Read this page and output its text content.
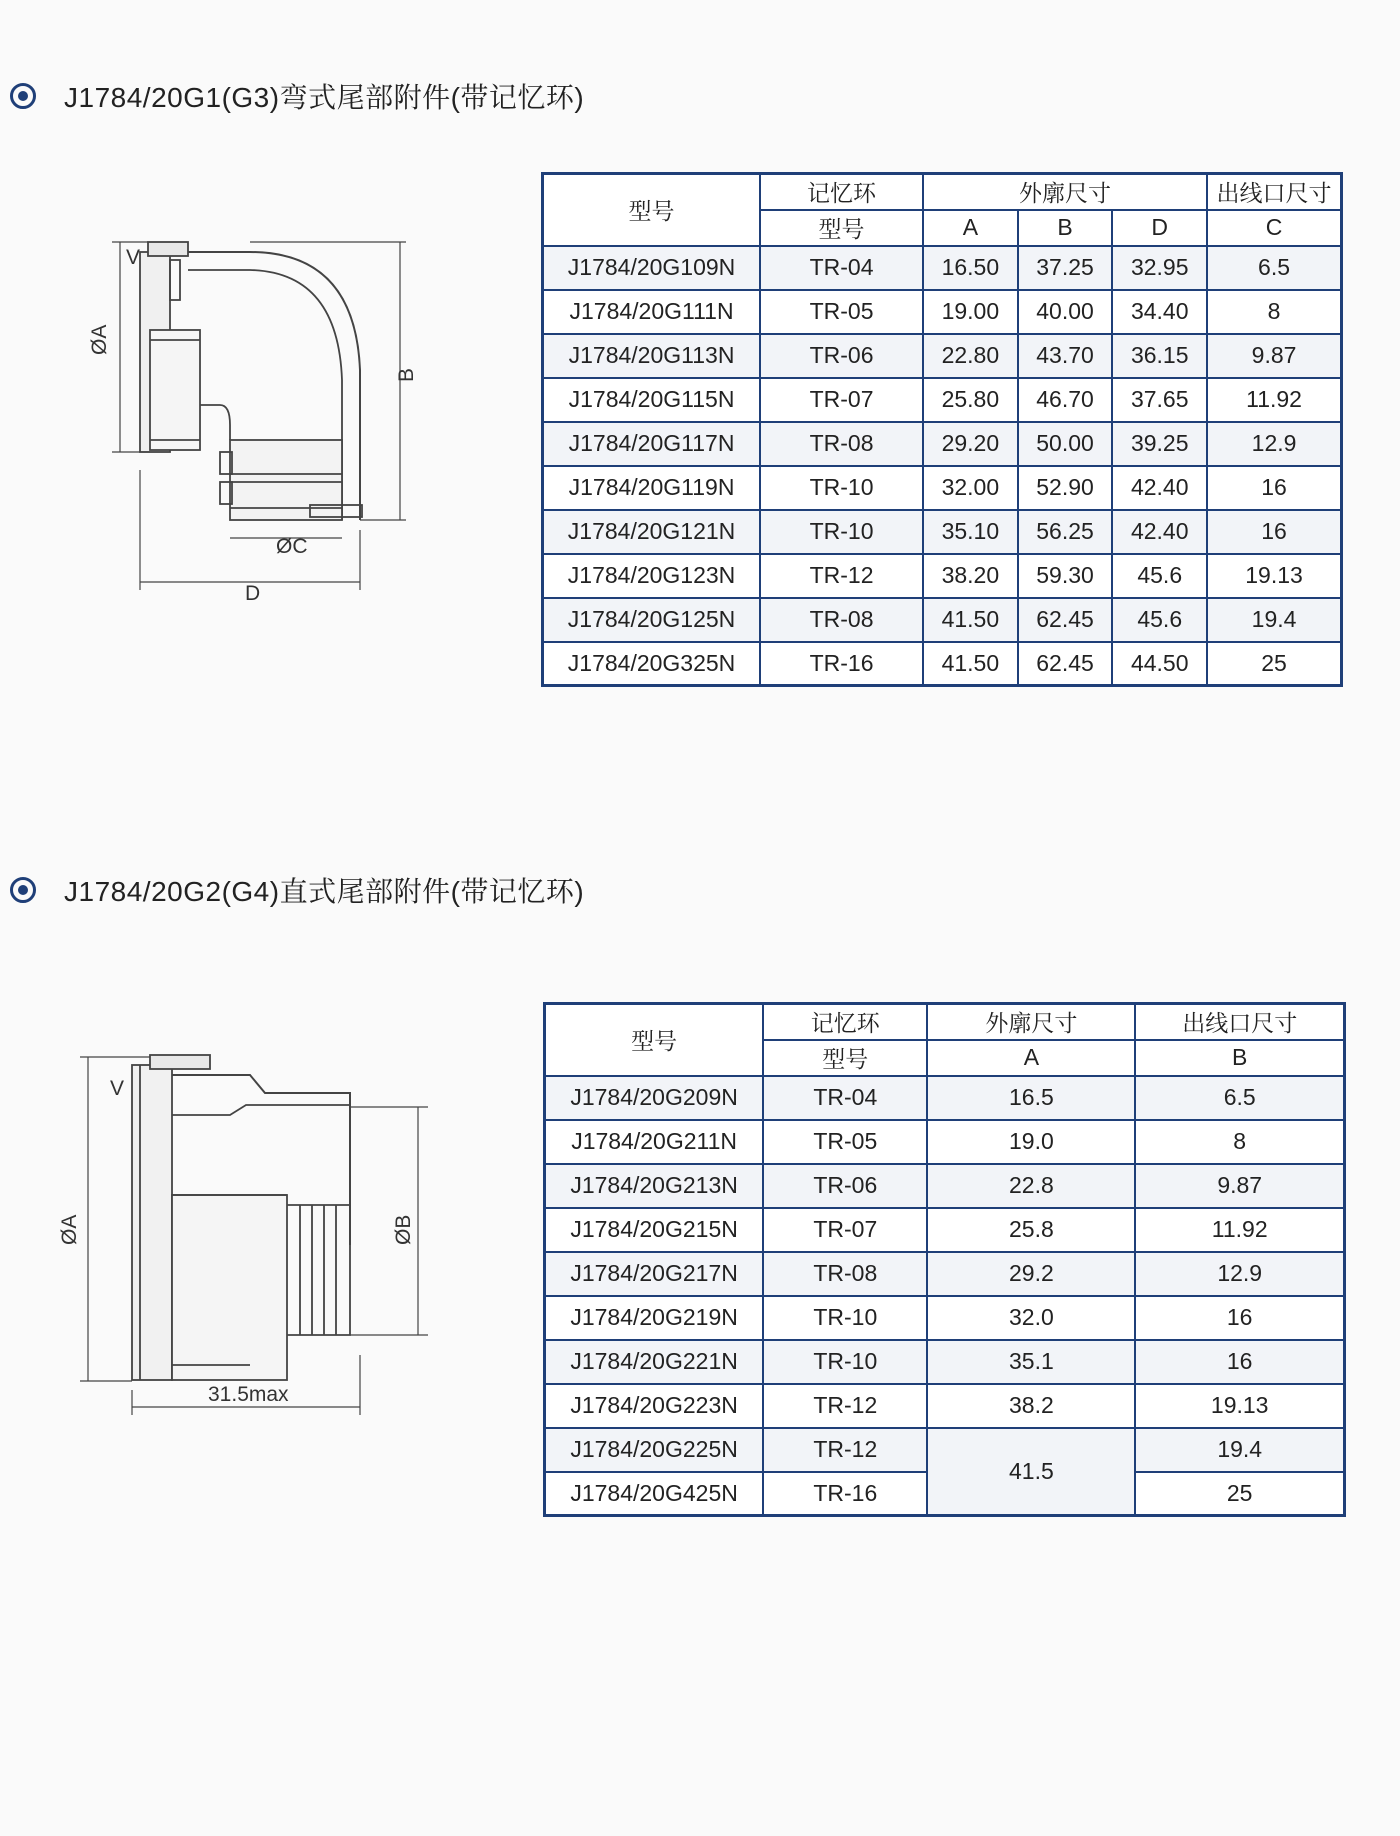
J1784/20G1(G3)弯式尾部附件(带记忆环)
ØA
B
ØC
D
V
型号	记忆环	外廓尺寸			出线口尺寸
	型号	A	B	D	C
J1784/20G109N	TR-04	16.50	37.25	32.95	6.5
J1784/20G111N	TR-05	19.00	40.00	34.40	8
J1784/20G113N	TR-06	22.80	43.70	36.15	9.87
J1784/20G115N	TR-07	25.80	46.70	37.65	11.92
J1784/20G117N	TR-08	29.20	50.00	39.25	12.9
J1784/20G119N	TR-10	32.00	52.90	42.40	16
J1784/20G121N	TR-10	35.10	56.25	42.40	16
J1784/20G123N	TR-12	38.20	59.30	45.6	19.13
J1784/20G125N	TR-08	41.50	62.45	45.6	19.4
J1784/20G325N	TR-16	41.50	62.45	44.50	25
J1784/20G2(G4)直式尾部附件(带记忆环)
ØA	ØB
V
31.5max
型号	记忆环	外廓尺寸	出线口尺寸
	型号	A	B
J1784/20G209N	TR-04	16.5	6.5
J1784/20G211N	TR-05	19.0	8
J1784/20G213N	TR-06	22.8	9.87
J1784/20G215N	TR-07	25.8	11.92
J1784/20G217N	TR-08	29.2	12.9
J1784/20G219N	TR-10	32.0	16
J1784/20G221N	TR-10	35.1	16
J1784/20G223N	TR-12	38.2	19.13
J1784/20G225N	TR-12	41.5	19.4
J1784/20G425N	TR-16		25
